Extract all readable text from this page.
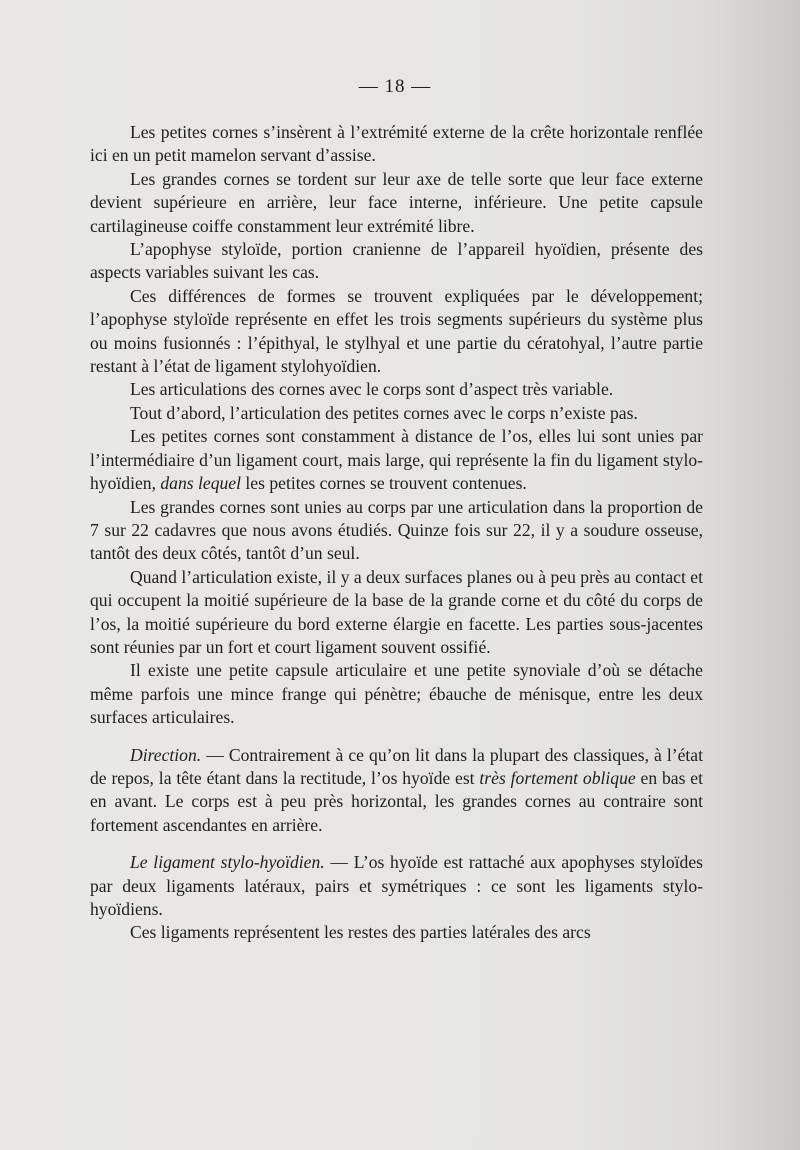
— 18 —

Les petites cornes s’insèrent à l’extrémité externe de la crête horizontale renflée ici en un petit mamelon servant d’assise.

Les grandes cornes se tordent sur leur axe de telle sorte que leur face externe devient supérieure en arrière, leur face interne, inférieure. Une petite capsule cartilagineuse coiffe constamment leur extrémité libre.

L’apophyse styloïde, portion cranienne de l’appareil hyoïdien, présente des aspects variables suivant les cas.

Ces différences de formes se trouvent expliquées par le développement; l’apophyse styloïde représente en effet les trois segments supérieurs du système plus ou moins fusionnés : l’épithyal, le stylhyal et une partie du cératohyal, l’autre partie restant à l’état de ligament stylohyoïdien.

Les articulations des cornes avec le corps sont d’aspect très variable.

Tout d’abord, l’articulation des petites cornes avec le corps n’existe pas.

Les petites cornes sont constamment à distance de l’os, elles lui sont unies par l’intermédiaire d’un ligament court, mais large, qui représente la fin du ligament stylo-hyoïdien, dans lequel les petites cornes se trouvent contenues.

Les grandes cornes sont unies au corps par une articulation dans la proportion de 7 sur 22 cadavres que nous avons étudiés. Quinze fois sur 22, il y a soudure osseuse, tantôt des deux côtés, tantôt d’un seul.

Quand l’articulation existe, il y a deux surfaces planes ou à peu près au contact et qui occupent la moitié supérieure de la base de la grande corne et du côté du corps de l’os, la moitié supérieure du bord externe élargie en facette. Les parties sous-jacentes sont réunies par un fort et court ligament souvent ossifié.

Il existe une petite capsule articulaire et une petite synoviale d’où se détache même parfois une mince frange qui pénètre; ébauche de ménisque, entre les deux surfaces articulaires.

Direction. — Contrairement à ce qu’on lit dans la plupart des classiques, à l’état de repos, la tête étant dans la rectitude, l’os hyoïde est très fortement oblique en bas et en avant. Le corps est à peu près horizontal, les grandes cornes au contraire sont fortement ascendantes en arrière.

Le ligament stylo-hyoïdien. — L’os hyoïde est rattaché aux apophyses styloïdes par deux ligaments latéraux, pairs et symétriques : ce sont les ligaments stylo-hyoïdiens.

Ces ligaments représentent les restes des parties latérales des arcs
